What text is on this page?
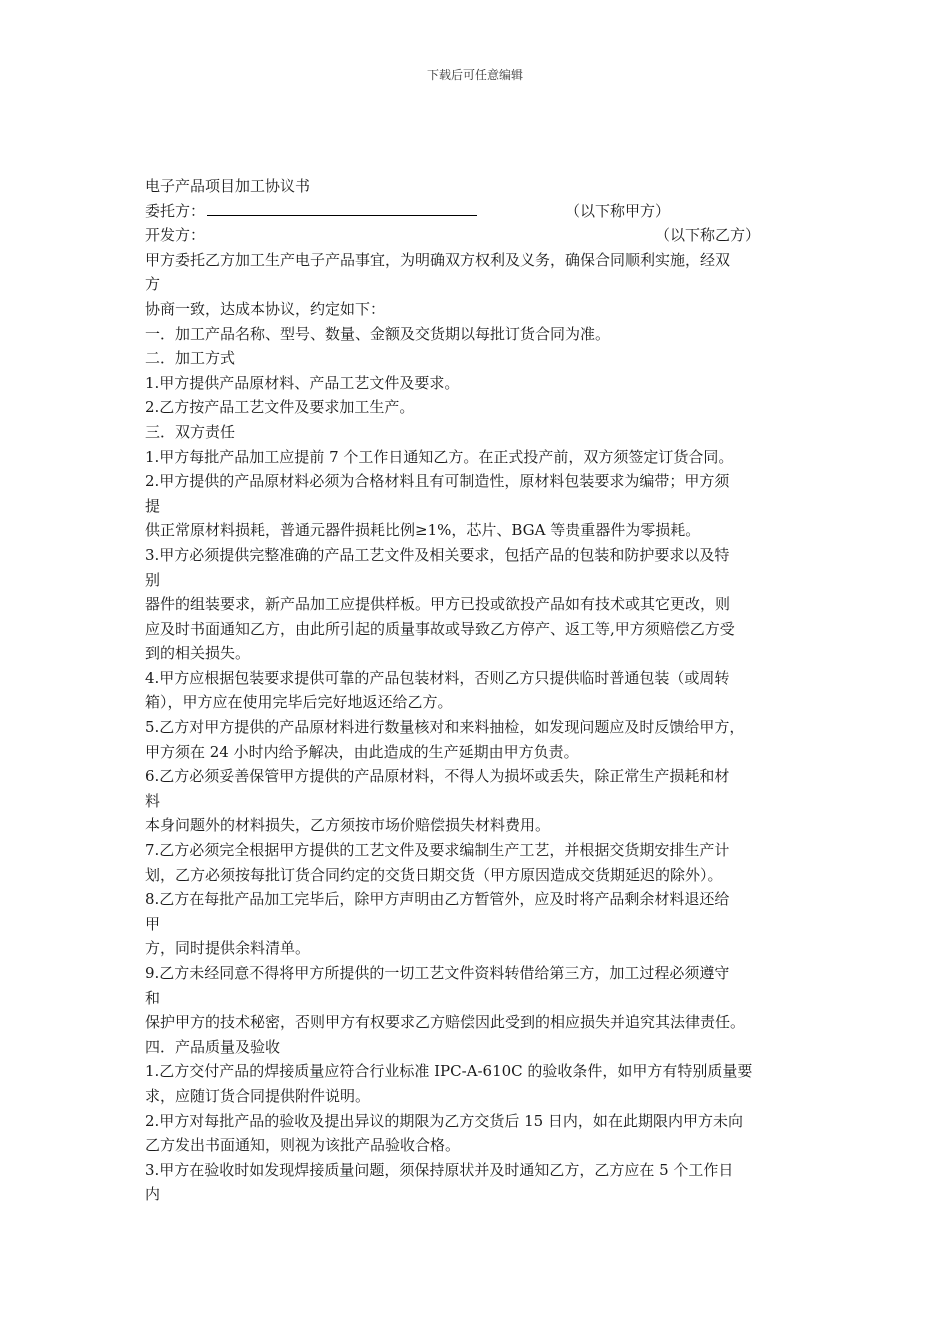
下载后可任意编辑
电子产品项目加工协议书
委托方：	（以下称甲方）
开发方：	（以下称乙方）
甲方委托乙方加工生产电子产品事宜，为明确双方权利及义务，确保合同顺利实施，经双
方
协商一致，达成本协议，约定如下：
一．加工产品名称、型号、数量、金额及交货期以每批订货合同为准。
二．加工方式
1.甲方提供产品原材料、产品工艺文件及要求。
2.乙方按产品工艺文件及要求加工生产。
三．双方责任
1.甲方每批产品加工应提前 7 个工作日通知乙方。在正式投产前，双方须签定订货合同。
2.甲方提供的产品原材料必须为合格材料且有可制造性，原材料包装要求为编带；甲方须
提
供正常原材料损耗，普通元器件损耗比例≥1%，芯片、BGA 等贵重器件为零损耗。
3.甲方必须提供完整准确的产品工艺文件及相关要求，包括产品的包装和防护要求以及特
别
器件的组装要求，新产品加工应提供样板。甲方已投或欲投产品如有技术或其它更改，则
应及时书面通知乙方，由此所引起的质量事故或导致乙方停产、返工等,甲方须赔偿乙方受
到的相关损失。
4.甲方应根据包装要求提供可靠的产品包装材料，否则乙方只提供临时普通包装（或周转
箱），甲方应在使用完毕后完好地返还给乙方。
5.乙方对甲方提供的产品原材料进行数量核对和来料抽检，如发现问题应及时反馈给甲方，
甲方须在 24 小时内给予解决，由此造成的生产延期由甲方负责。
6.乙方必须妥善保管甲方提供的产品原材料，不得人为损坏或丢失，除正常生产损耗和材
料
本身问题外的材料损失，乙方须按市场价赔偿损失材料费用。
7.乙方必须完全根据甲方提供的工艺文件及要求编制生产工艺，并根据交货期安排生产计
划，乙方必须按每批订货合同约定的交货日期交货（甲方原因造成交货期延迟的除外）。
8.乙方在每批产品加工完毕后，除甲方声明由乙方暂管外，应及时将产品剩余材料退还给
甲
方，同时提供余料清单。
9.乙方未经同意不得将甲方所提供的一切工艺文件资料转借给第三方，加工过程必须遵守
和
保护甲方的技术秘密，否则甲方有权要求乙方赔偿因此受到的相应损失并追究其法律责任。
四．产品质量及验收
1.乙方交付产品的焊接质量应符合行业标准 IPC-A-610C 的验收条件，如甲方有特别质量要
求，应随订货合同提供附件说明。
2.甲方对每批产品的验收及提出异议的期限为乙方交货后 15 日内，如在此期限内甲方未向
乙方发出书面通知，则视为该批产品验收合格。
3.甲方在验收时如发现焊接质量问题，须保持原状并及时通知乙方，乙方应在 5 个工作日
内
